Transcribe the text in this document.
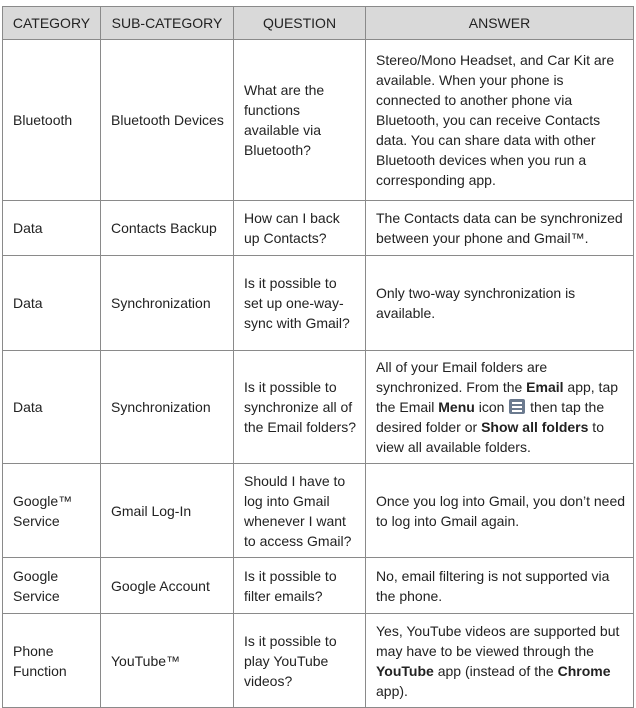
CATEGORY	SUB-CATEGORY	QUESTION	ANSWER
Bluetooth	Bluetooth Devices	What are the functions available via Bluetooth?	Stereo/Mono Headset, and Car Kit are available. When your phone is connected to another phone via Bluetooth, you can receive Contacts data. You can share data with other Bluetooth devices when you run a corresponding app.
Data	Contacts Backup	How can I back up Contacts?	The Contacts data can be synchronized between your phone and Gmail™.
Data	Synchronization	Is it possible to set up one-way-sync with Gmail?	Only two-way synchronization is available.
Data	Synchronization	Is it possible to synchronize all of the Email folders?	All of your Email folders are synchronized. From the Email app, tap the Email Menu icon
then tap the desired folder or Show all folders to view all available folders.
Google™ Service	Gmail Log-In	Should I have to log into Gmail whenever I want to access Gmail?	Once you log into Gmail, you don’t need to log into Gmail again.
Google Service	Google Account	Is it possible to filter emails?	No, email filtering is not supported via the phone.
Phone Function	YouTube™	Is it possible to play YouTube videos?	Yes, YouTube videos are supported but may have to be viewed through the YouTube app (instead of the Chrome app).
